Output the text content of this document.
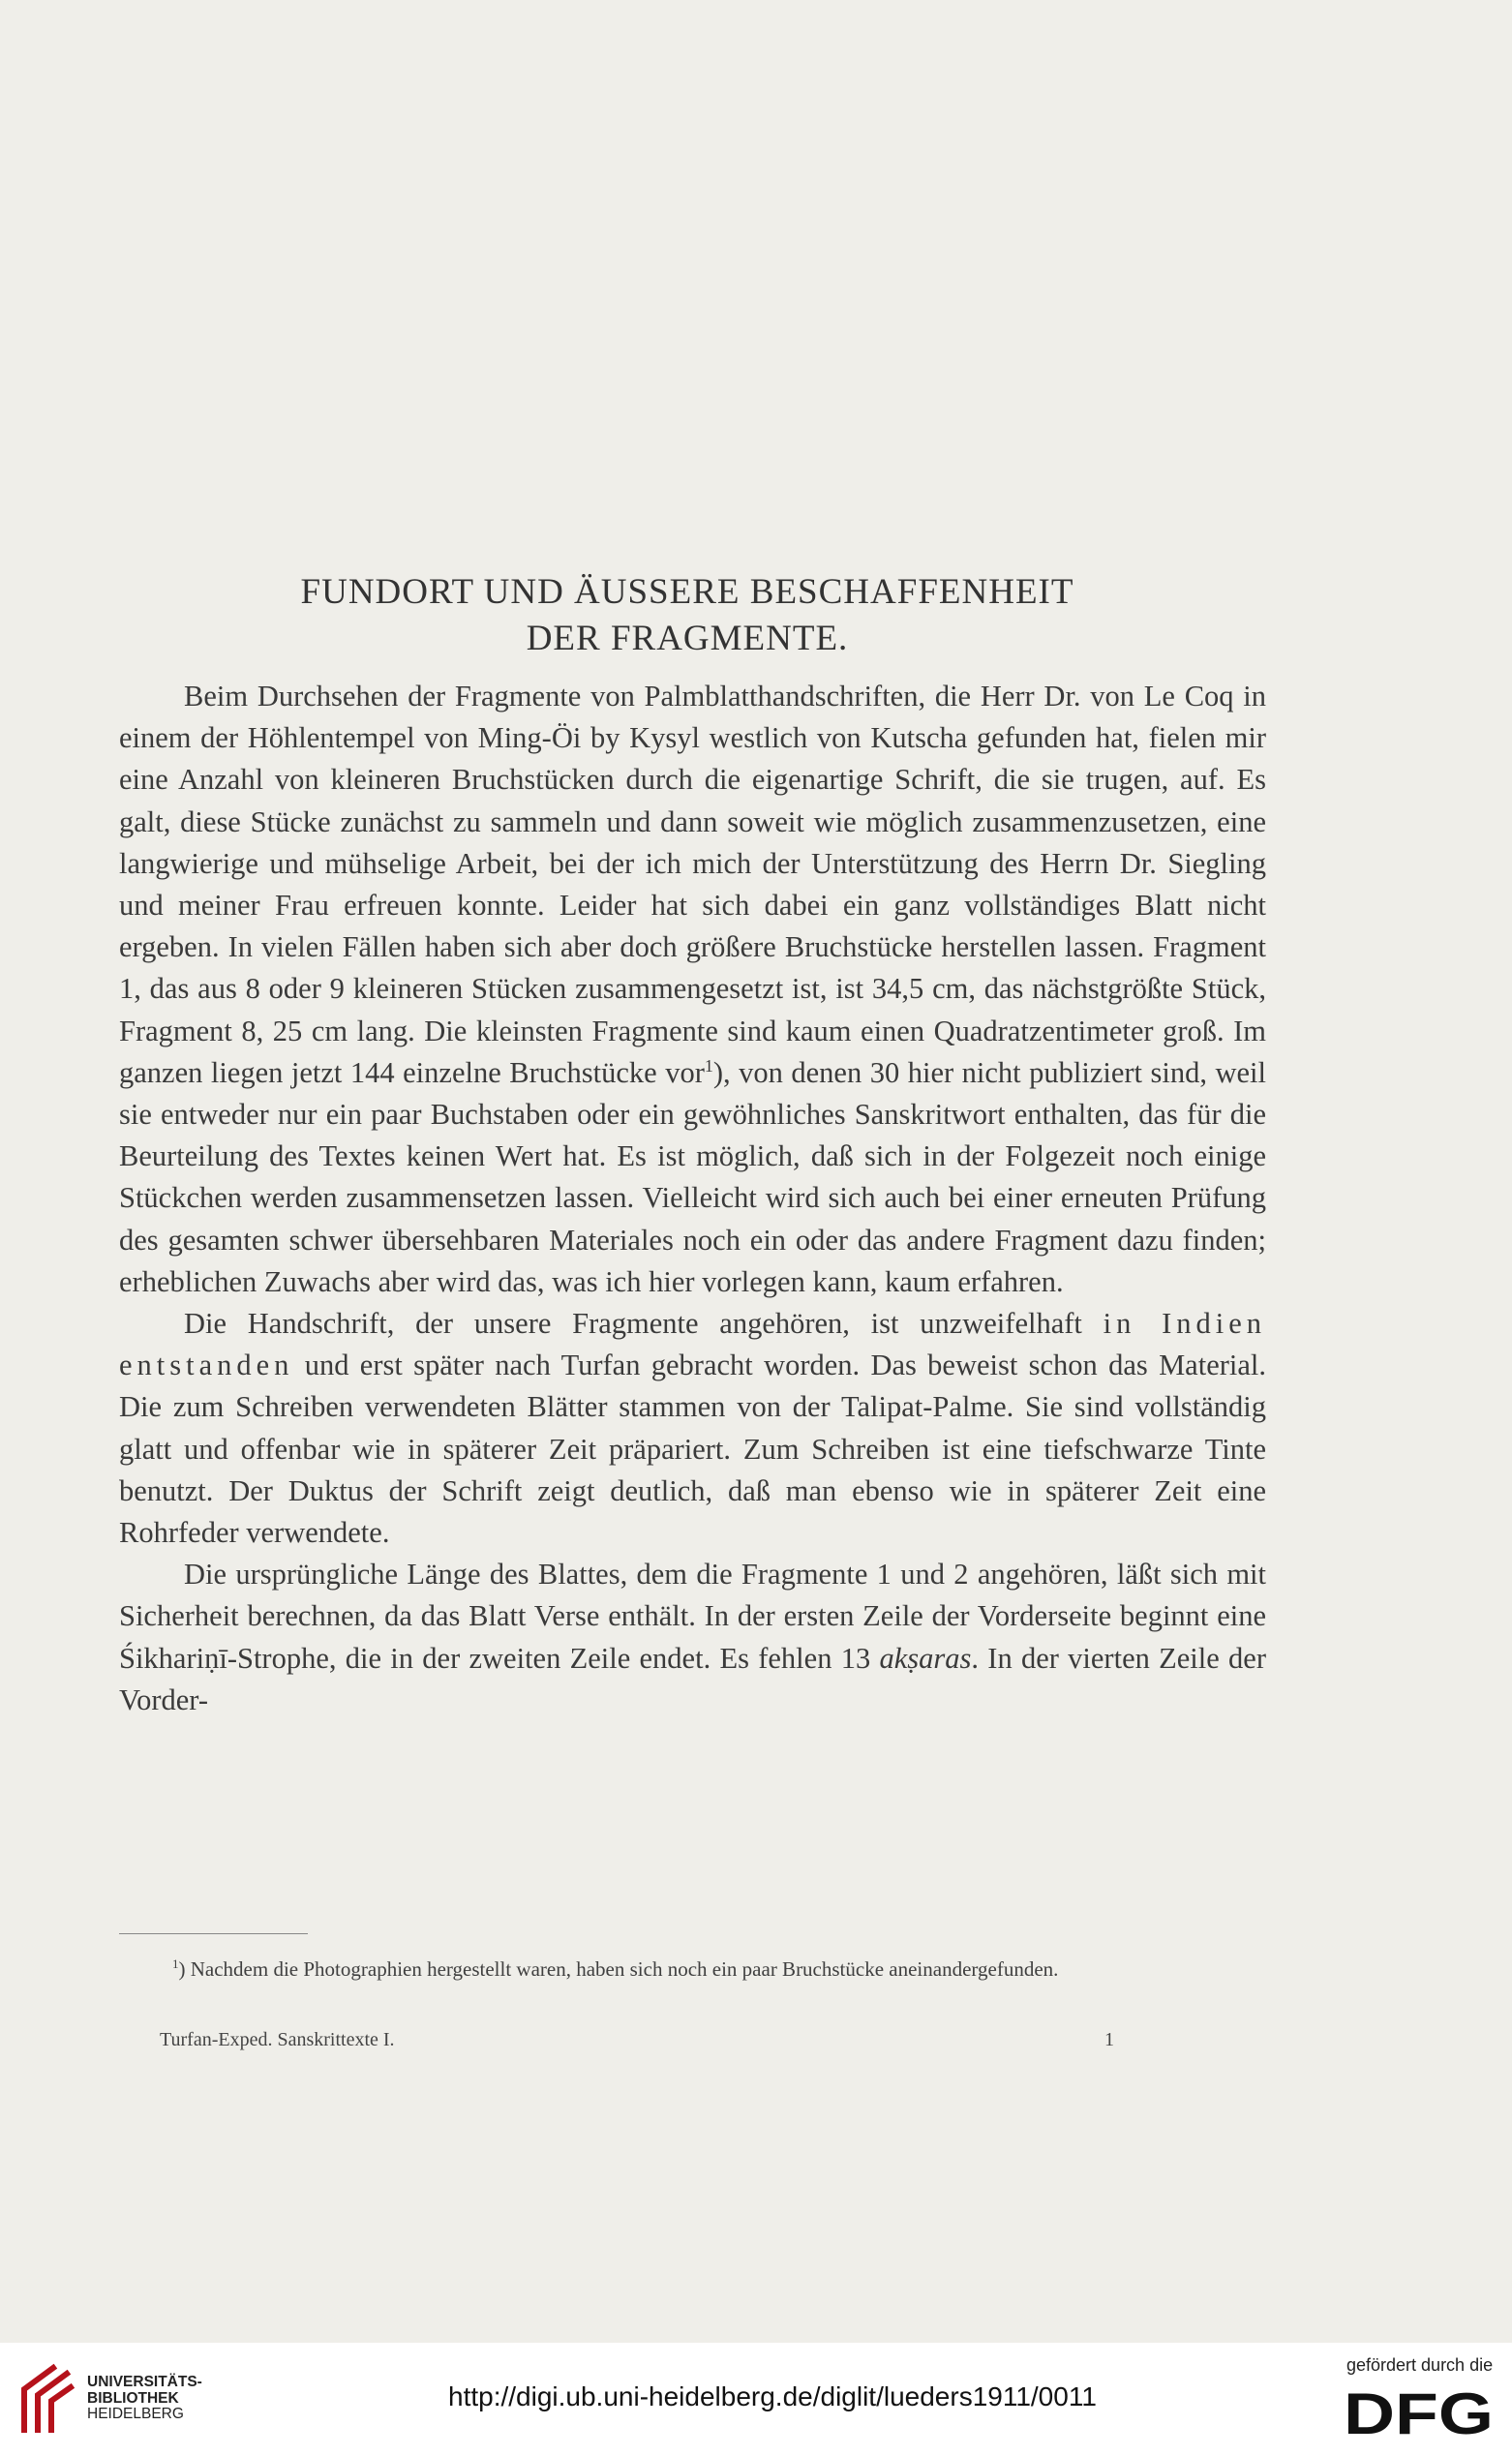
FUNDORT UND ÄUSSERE BESCHAFFENHEIT
DER FRAGMENTE.

Beim Durchsehen der Fragmente von Palmblatthandschriften, die Herr Dr. von Le Coq in einem der Höhlentempel von Ming-Öi by Kysyl westlich von Kutscha gefunden hat, fielen mir eine Anzahl von kleineren Bruchstücken durch die eigenartige Schrift, die sie trugen, auf. Es galt, diese Stücke zunächst zu sammeln und dann soweit wie möglich zusammenzusetzen, eine langwierige und mühselige Arbeit, bei der ich mich der Unterstützung des Herrn Dr. Siegling und meiner Frau erfreuen konnte. Leider hat sich dabei ein ganz vollständiges Blatt nicht ergeben. In vielen Fällen haben sich aber doch größere Bruchstücke herstellen lassen. Fragment 1, das aus 8 oder 9 kleineren Stücken zusammengesetzt ist, ist 34,5 cm, das nächstgrößte Stück, Fragment 8, 25 cm lang. Die kleinsten Fragmente sind kaum einen Quadratzentimeter groß. Im ganzen liegen jetzt 144 einzelne Bruchstücke vor$^1$), von denen 30 hier nicht publiziert sind, weil sie entweder nur ein paar Buchstaben oder ein gewöhnliches Sanskritwort enthalten, das für die Beurteilung des Textes keinen Wert hat. Es ist möglich, daß sich in der Folgezeit noch einige Stückchen werden zusammensetzen lassen. Vielleicht wird sich auch bei einer erneuten Prüfung des gesamten schwer übersehbaren Materiales noch ein oder das andere Fragment dazu finden; erheblichen Zuwachs aber wird das, was ich hier vorlegen kann, kaum erfahren.

Die Handschrift, der unsere Fragmente angehören, ist unzweifelhaft in Indien entstanden und erst später nach Turfan gebracht worden. Das beweist schon das Material. Die zum Schreiben verwendeten Blätter stammen von der Talipat-Palme. Sie sind vollständig glatt und offenbar wie in späterer Zeit präpariert. Zum Schreiben ist eine tiefschwarze Tinte benutzt. Der Duktus der Schrift zeigt deutlich, daß man ebenso wie in späterer Zeit eine Rohrfeder verwendete.

Die ursprüngliche Länge des Blattes, dem die Fragmente 1 und 2 angehören, läßt sich mit Sicherheit berechnen, da das Blatt Verse enthält. In der ersten Zeile der Vorderseite beginnt eine Śikhariṇī-Strophe, die in der zweiten Zeile endet. Es fehlen 13 akṣaras. In der vierten Zeile der Vorder-

$^1$) Nachdem die Photographien hergestellt waren, haben sich noch ein paar Bruchstücke aneinandergefunden.
Turfan-Exped. Sanskrittexte I.	1
UNIVERSITÄTS-
BIBLIOTHEK
HEIDELBERG
http://digi.ub.uni-heidelberg.de/diglit/lueders1911/0011
gefördert durch die
DFG
